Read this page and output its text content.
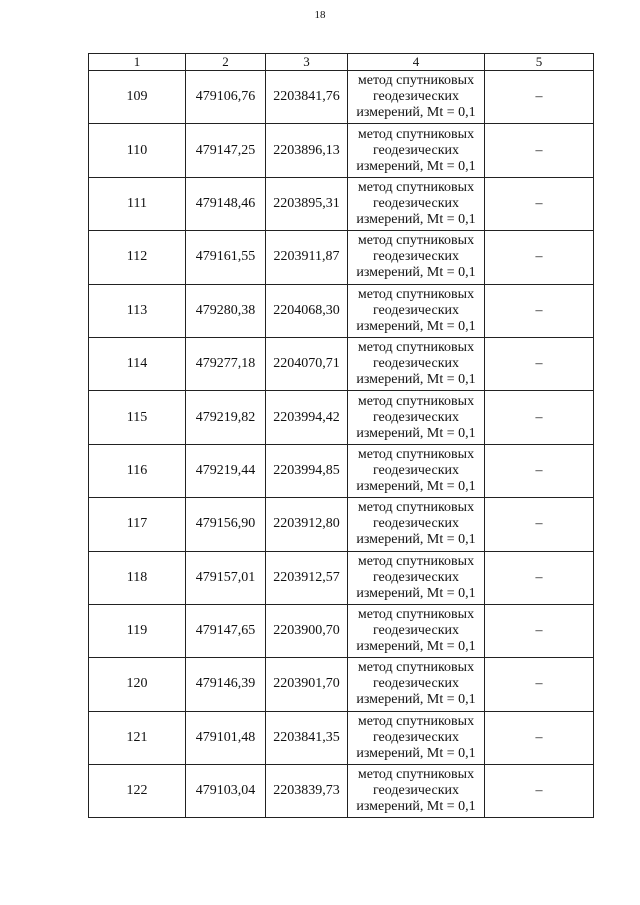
18
1	2	3	4	5
109	479106,76	2203841,76	метод спутниковых
геодезических
измерений, Mt = 0,1	–
110	479147,25	2203896,13	метод спутниковых
геодезических
измерений, Mt = 0,1	–
111	479148,46	2203895,31	метод спутниковых
геодезических
измерений, Mt = 0,1	–
112	479161,55	2203911,87	метод спутниковых
геодезических
измерений, Mt = 0,1	–
113	479280,38	2204068,30	метод спутниковых
геодезических
измерений, Mt = 0,1	–
114	479277,18	2204070,71	метод спутниковых
геодезических
измерений, Mt = 0,1	–
115	479219,82	2203994,42	метод спутниковых
геодезических
измерений, Mt = 0,1	–
116	479219,44	2203994,85	метод спутниковых
геодезических
измерений, Mt = 0,1	–
117	479156,90	2203912,80	метод спутниковых
геодезических
измерений, Mt = 0,1	–
118	479157,01	2203912,57	метод спутниковых
геодезических
измерений, Mt = 0,1	–
119	479147,65	2203900,70	метод спутниковых
геодезических
измерений, Mt = 0,1	–
120	479146,39	2203901,70	метод спутниковых
геодезических
измерений, Mt = 0,1	–
121	479101,48	2203841,35	метод спутниковых
геодезических
измерений, Mt = 0,1	–
122	479103,04	2203839,73	метод спутниковых
геодезических
измерений, Mt = 0,1	–
